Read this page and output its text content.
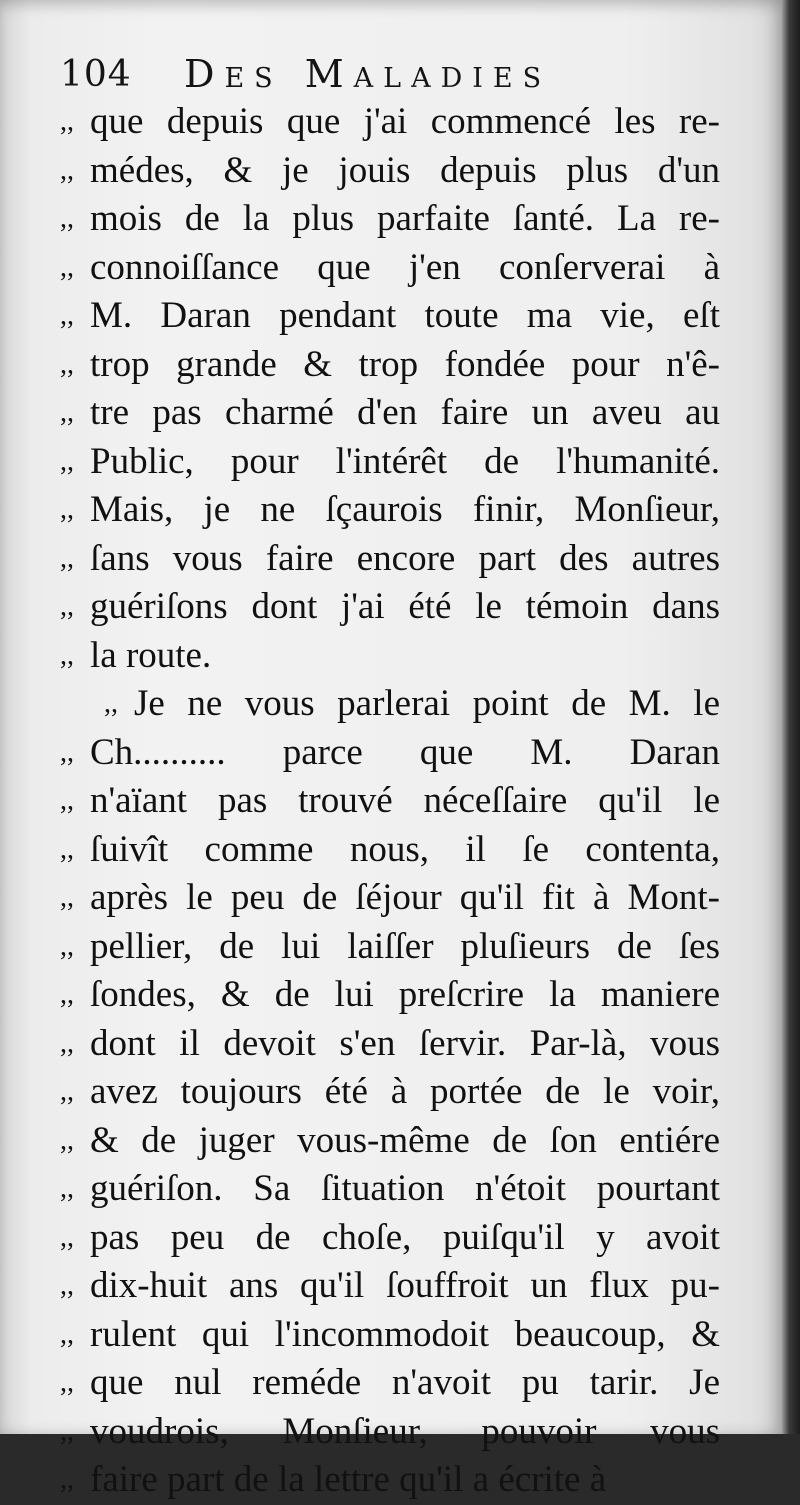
104 Des Maladies
,, que depuis que j'ai commencé les re-
,, médes, & je jouis depuis plus d'un
,, mois de la plus parfaite ſanté. La re-
,, connoiſſance que j'en conſerverai à
,, M. Daran pendant toute ma vie, eſt
,, trop grande & trop fondée pour n'ê-
,, tre pas charmé d'en faire un aveu au
,, Public, pour l'intérêt de l'humanité.
,, Mais, je ne ſçaurois finir, Monſieur,
,, ſans vous faire encore part des autres
,, guériſons dont j'ai été le témoin dans
,, la route.
,, Je ne vous parlerai point de M. le
,, Ch.......... parce que M. Daran
,, n'aïant pas trouvé néceſſaire qu'il le
,, ſuivît comme nous, il ſe contenta,
,, après le peu de ſéjour qu'il fit à Mont-
,, pellier, de lui laiſſer pluſieurs de ſes
,, ſondes, & de lui preſcrire la maniere
,, dont il devoit s'en ſervir. Par-là, vous
,, avez toujours été à portée de le voir,
,, & de juger vous-même de ſon entiére
,, guériſon. Sa ſituation n'étoit pourtant
,, pas peu de choſe, puiſqu'il y avoit
,, dix-huit ans qu'il ſouffroit un flux pu-
,, rulent qui l'incommodoit beaucoup, &
,, que nul reméde n'avoit pu tarir. Je
,, voudrois, Monſieur, pouvoir vous
,, faire part de la lettre qu'il a écrite à
